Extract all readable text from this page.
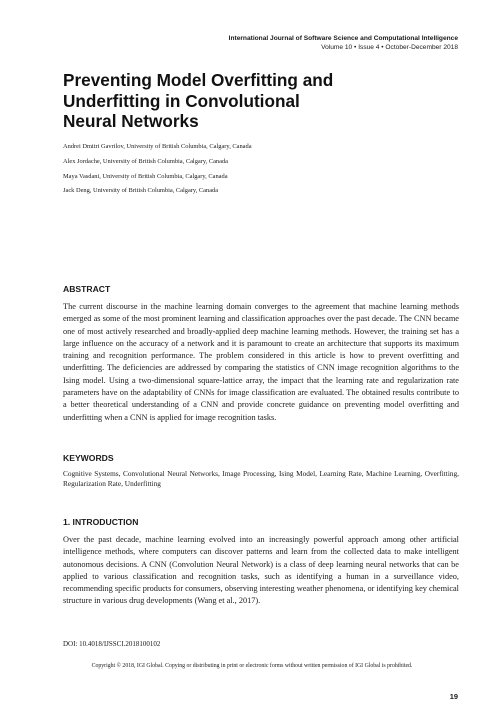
International Journal of Software Science and Computational Intelligence
Volume 10 • Issue 4 • October-December 2018
Preventing Model Overfitting and
Underfitting in Convolutional
Neural Networks
Andrei Dmitri Gavrilov, University of British Columbia, Calgary, Canada
Alex Jordache, University of British Columbia, Calgary, Canada
Maya Vasdani, University of British Columbia, Calgary, Canada
Jack Deng, University of British Columbia, Calgary, Canada
ABSTRACT
The current discourse in the machine learning domain converges to the agreement that machine learning methods emerged as some of the most prominent learning and classification approaches over the past decade. The CNN became one of most actively researched and broadly-applied deep machine learning methods. However, the training set has a large influence on the accuracy of a network and it is paramount to create an architecture that supports its maximum training and recognition performance. The problem considered in this article is how to prevent overfitting and underfitting. The deficiencies are addressed by comparing the statistics of CNN image recognition algorithms to the Ising model. Using a two-dimensional square-lattice array, the impact that the learning rate and regularization rate parameters have on the adaptability of CNNs for image classification are evaluated. The obtained results contribute to a better theoretical understanding of a CNN and provide concrete guidance on preventing model overfitting and underfitting when a CNN is applied for image recognition tasks.
KEYWORDS
Cognitive Systems, Convolutional Neural Networks, Image Processing, Ising Model, Learning Rate, Machine Learning, Overfitting, Regularization Rate, Underfitting
1. INTRODUCTION
Over the past decade, machine learning evolved into an increasingly powerful approach among other artificial intelligence methods, where computers can discover patterns and learn from the collected data to make intelligent autonomous decisions. A CNN (Convolution Neural Network) is a class of deep learning neural networks that can be applied to various classification and recognition tasks, such as identifying a human in a surveillance video, recommending specific products for consumers, observing interesting weather phenomena, or identifying key chemical structure in various drug developments (Wang et al., 2017).
DOI: 10.4018/IJSSCI.2018100102
Copyright © 2018, IGI Global. Copying or distributing in print or electronic forms without written permission of IGI Global is prohibited.
19
